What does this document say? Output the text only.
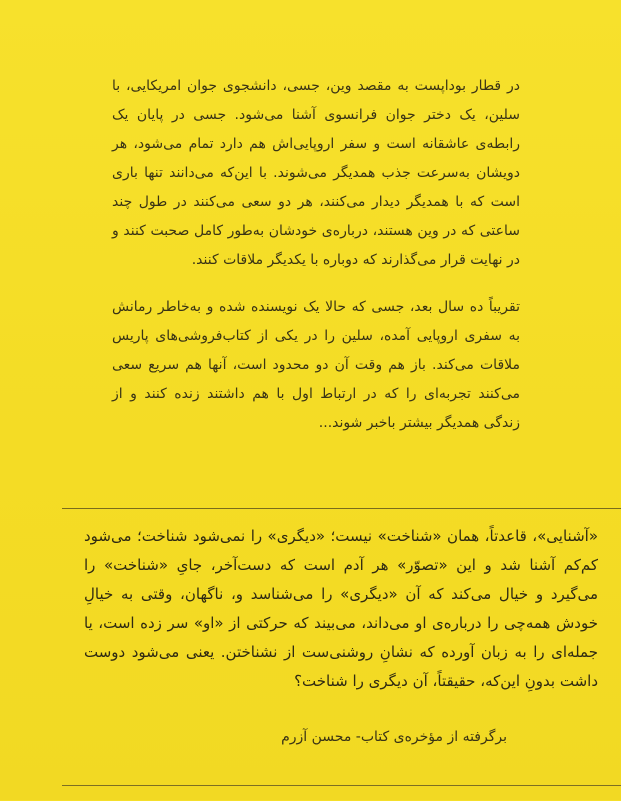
در قطار بوداپست به مقصد وین، جسی، دانشجوی جوان امریکایی، با سلین، یک دختر جوان فرانسوی آشنا می‌شود. جسی در پایان یک رابطه‌ی عاشقانه است و سفر اروپایی‌اش هم دارد تمام می‌شود، هر دویشان به‌سرعت جذب همدیگر می‌شوند. با این‌که می‌دانند تنها باری است که با همدیگر دیدار می‌کنند، هر دو سعی می‌کنند در طول چند ساعتی که در وین هستند، درباره‌ی خودشان به‌طور کامل صحبت کنند و در نهایت قرار می‌گذارند که دوباره با یکدیگر ملاقات کنند.

تقریباً ده سال بعد، جسی که حالا یک نویسنده شده و به‌خاطر رمانش به سفری اروپایی آمده، سلین را در یکی از کتاب‌فروشی‌های پاریس ملاقات می‌کند. باز هم وقت آن دو محدود است، آنها هم سریع سعی می‌کنند تجربه‌ای را که در ارتباط اول با هم داشتند زنده کنند و از زندگی همدیگر بیشتر باخبر شوند...

«آشنایی»، قاعدتاً، همان «شناخت» نیست؛ «دیگری» را نمی‌شود شناخت؛ می‌شود کم‌کم آشنا شد و این «تصوّر» هر آدم است که دست‌آخر، جایِ «شناخت» را می‌گیرد و خیال می‌کند که آن «دیگری» را می‌شناسد و، ناگهان، وقتی به خیالِ خودش همه‌چی را درباره‌ی او می‌داند، می‌بیند که حرکتی از «او» سر زده است، یا جمله‌ای را به زبان آورده که نشانِ روشنی‌ست از نشناختن. یعنی می‌شود دوست داشت بدونِ این‌که، حقیقتاً، آن دیگری را شناخت؟

برگرفته از مؤخره‌ی کتاب- محسن آزرم
